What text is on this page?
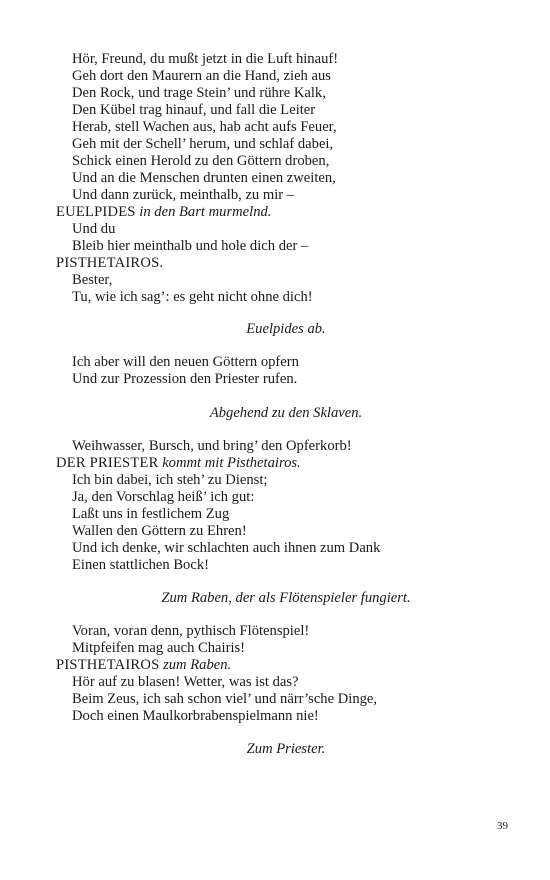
Hör, Freund, du mußt jetzt in die Luft hinauf!
Geh dort den Maurern an die Hand, zieh aus
Den Rock, und trage Stein’ und rühre Kalk,
Den Kübel trag hinauf, und fall die Leiter
Herab, stell Wachen aus, hab acht aufs Feuer,
Geh mit der Schell’ herum, und schlaf dabei,
Schick einen Herold zu den Göttern droben,
Und an die Menschen drunten einen zweiten,
Und dann zurück, meinthalb, zu mir –
EUELPIDES in den Bart murmelnd.
Und du
Bleib hier meinthalb und hole dich der –
PISTHETAIROS.
Bester,
Tu, wie ich sag’: es geht nicht ohne dich!
Euelpides ab.
Ich aber will den neuen Göttern opfern
Und zur Prozession den Priester rufen.
Abgehend zu den Sklaven.
Weihwasser, Bursch, und bring’ den Opferkorb!
DER PRIESTER kommt mit Pisthetairos.
Ich bin dabei, ich steh’ zu Dienst;
Ja, den Vorschlag heiß’ ich gut:
Laßt uns in festlichem Zug
Wallen den Göttern zu Ehren!
Und ich denke, wir schlachten auch ihnen zum Dank
Einen stattlichen Bock!
Zum Raben, der als Flötenspieler fungiert.
Voran, voran denn, pythisch Flötenspiel!
Mitpfeifen mag auch Chairis!
PISTHETAIROS zum Raben.
Hör auf zu blasen! Wetter, was ist das?
Beim Zeus, ich sah schon viel’ und närr’sche Dinge,
Doch einen Maulkorbrabenspielmann nie!
Zum Priester.
39
